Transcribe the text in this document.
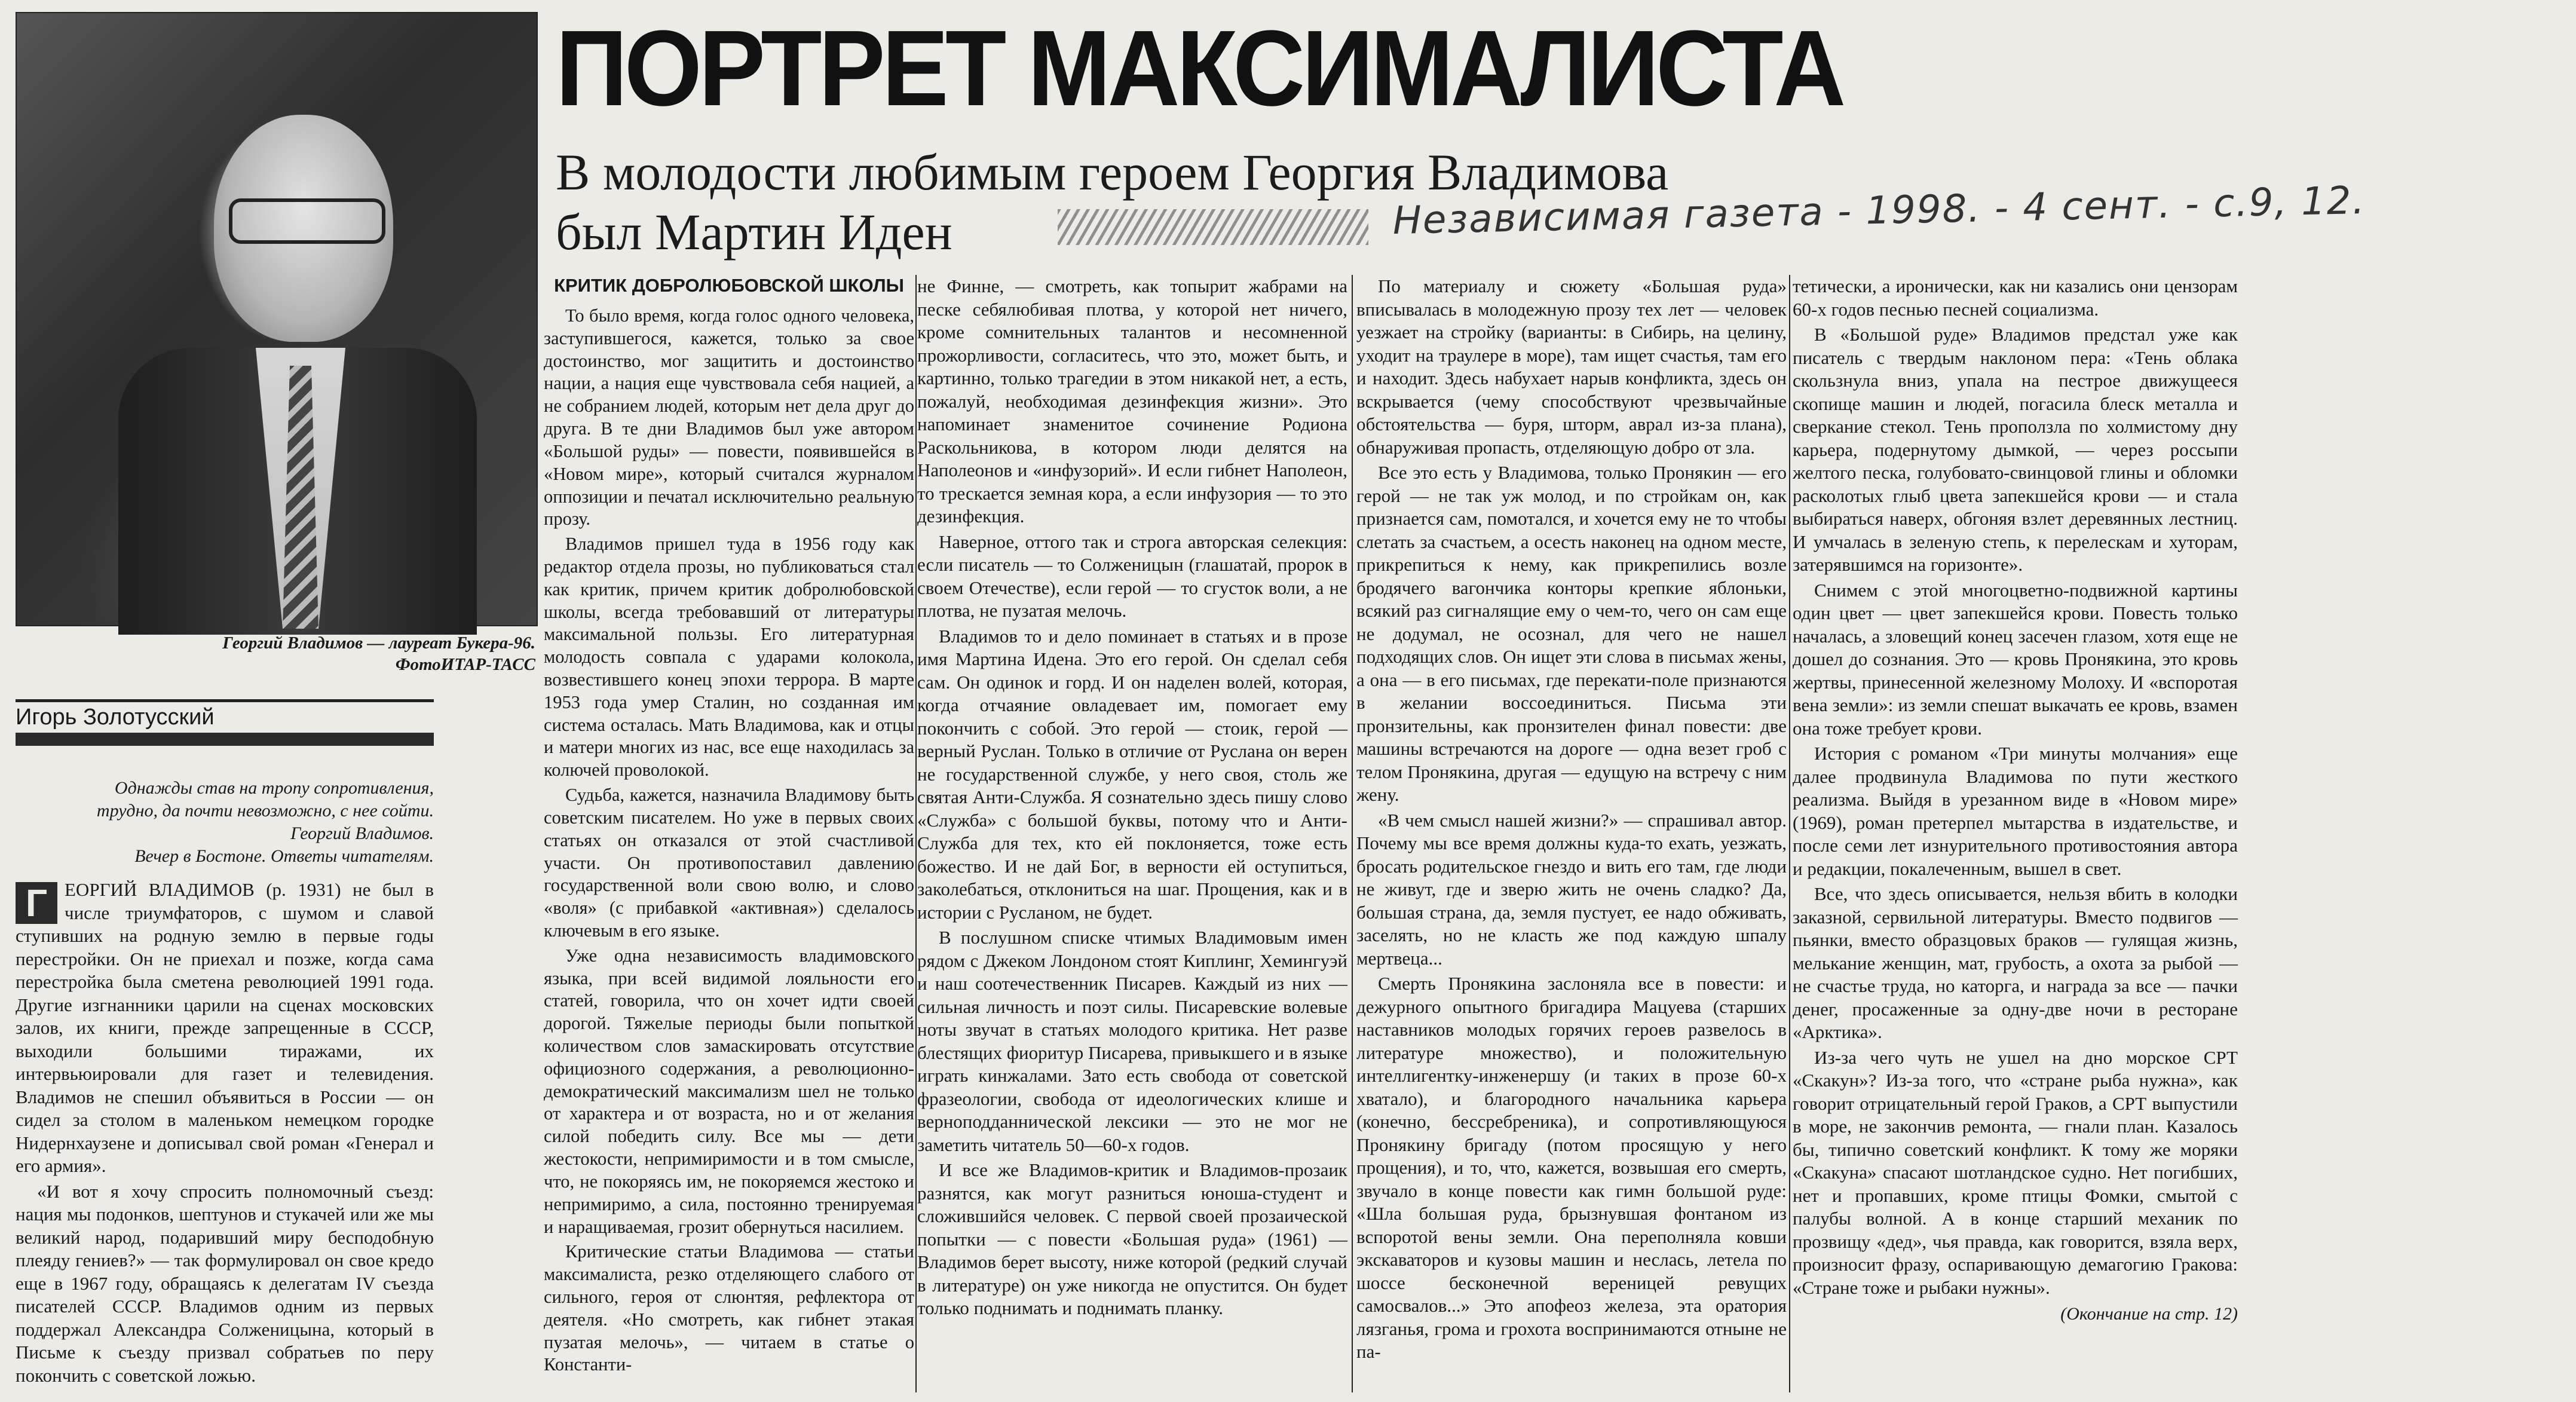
Георгий Владимов — лауреат Букера-96.
ФотоИТАР-ТАСС
ПОРТРЕТ МАКСИМАЛИСТА
В молодости любимым героем Георгия Владимова
был Мартин Иден	Независимая газета - 1998. - 4 сент. - с.9, 12.
Игорь Золотусский
Однажды став на тропу сопротивления,
трудно, да почти невозможно, с нее сойти.
Георгий Владимов.
Вечер в Бостоне. Ответы читателям.

Г ЕОРГИЙ ВЛАДИМОВ (р. 1931) не был в числе триумфаторов, с шумом и славой ступивших на родную землю в первые годы перестройки. Он не приехал и позже, когда сама перестройка была сметена революцией 1991 года. Другие изгнанники царили на сценах московских залов, их книги, прежде запрещенные в СССР, выходили большими тиражами, их интервьюировали для газет и телевидения. Владимов не спешил объявиться в России — он сидел за столом в маленьком немецком городке Нидернхаузене и дописывал свой роман «Генерал и его армия».

«И вот я хочу спросить полномочный съезд: нация мы подонков, шептунов и стукачей или же мы великий народ, подаривший миру бесподобную плеяду гениев?» — так формулировал он свое кредо еще в 1967 году, обращаясь к делегатам IV съезда писателей СССР. Владимов одним из первых поддержал Александра Солженицына, который в Письме к съезду призвал собратьев по перу покончить с советской ложью.

КРИТИК ДОБРОЛЮБОВСКОЙ ШКОЛЫ

То было время, когда голос одного человека, заступившегося, кажется, только за свое достоинство, мог защитить и достоинство нации, а нация еще чувствовала себя нацией, а не собранием людей, которым нет дела друг до друга. В те дни Владимов был уже автором «Большой руды» — повести, появившейся в «Новом мире», который считался журналом оппозиции и печатал исключительно реальную прозу.

Владимов пришел туда в 1956 году как редактор отдела прозы, но публиковаться стал как критик, причем критик добролюбовской школы, всегда требовавший от литературы максимальной пользы. Его литературная молодость совпала с ударами колокола, возвестившего конец эпохи террора. В марте 1953 года умер Сталин, но созданная им система осталась. Мать Владимова, как и отцы и матери многих из нас, все еще находилась за колючей проволокой.

Судьба, кажется, назначила Владимову быть советским писателем. Но уже в первых своих статьях он отказался от этой счастливой участи. Он противопоставил давлению государственной воли свою волю, и слово «воля» (с прибавкой «активная») сделалось ключевым в его языке.

Уже одна независимость владимовского языка, при всей видимой лояльности его статей, говорила, что он хочет идти своей дорогой. Тяжелые периоды были попыткой количеством слов замаскировать отсутствие официозного содержания, а революционно-демократический максимализм шел не только от характера и от возраста, но и от желания силой победить силу. Все мы — дети жестокости, непримиримости и в том смысле, что, не покоряясь им, не покоряемся жестоко и непримиримо, а сила, постоянно тренируемая и наращиваемая, грозит обернуться насилием.

Критические статьи Владимова — статьи максималиста, резко отделяющего слабого от сильного, героя от слюнтяя, рефлектора от деятеля. «Но смотреть, как гибнет этакая пузатая мелочь», — читаем в статье о Константи-

не Финне, — смотреть, как топырит жабрами на песке себялюбивая плотва, у которой нет ничего, кроме сомнительных талантов и несомненной прожорливости, согласитесь, что это, может быть, и картинно, только трагедии в этом никакой нет, а есть, пожалуй, необходимая дезинфекция жизни». Это напоминает знаменитое сочинение Родиона Раскольникова, в котором люди делятся на Наполеонов и «инфузорий». И если гибнет Наполеон, то трескается земная кора, а если инфузория — то это дезинфекция.

Наверное, оттого так и строга авторская селекция: если писатель — то Солженицын (глашатай, пророк в своем Отечестве), если герой — то сгусток воли, а не плотва, не пузатая мелочь.

Владимов то и дело поминает в статьях и в прозе имя Мартина Идена. Это его герой. Он сделал себя сам. Он одинок и горд. И он наделен волей, которая, когда отчаяние овладевает им, помогает ему покончить с собой. Это герой — стоик, герой — верный Руслан. Только в отличие от Руслана он верен не государственной службе, у него своя, столь же святая Анти-Служба. Я сознательно здесь пишу слово «Служба» с большой буквы, потому что и Анти-Служба для тех, кто ей поклоняется, тоже есть божество. И не дай Бог, в верности ей оступиться, заколебаться, отклониться на шаг. Прощения, как и в истории с Русланом, не будет.

В послушном списке чтимых Владимовым имен рядом с Джеком Лондоном стоят Киплинг, Хемингуэй и наш соотечественник Писарев. Каждый из них — сильная личность и поэт силы. Писаревские волевые ноты звучат в статьях молодого критика. Нет разве блестящих фиоритур Писарева, привыкшего и в языке играть кинжалами. Зато есть свобода от советской фразеологии, свобода от идеологических клише и верноподданнической лексики — это не мог не заметить читатель 50—60-х годов.

И все же Владимов-критик и Владимов-прозаик разнятся, как могут разниться юноша-студент и сложившийся человек. С первой своей прозаической попытки — с повести «Большая руда» (1961) — Владимов берет высоту, ниже которой (редкий случай в литературе) он уже никогда не опустится. Он будет только поднимать и поднимать планку.

По материалу и сюжету «Большая руда» вписывалась в молодежную прозу тех лет — человек уезжает на стройку (варианты: в Сибирь, на целину, уходит на траулере в море), там ищет счастья, там его и находит. Здесь набухает нарыв конфликта, здесь он вскрывается (чему способствуют чрезвычайные обстоятельства — буря, шторм, аврал из-за плана), обнаруживая пропасть, отделяющую добро от зла.

Все это есть у Владимова, только Пронякин — его герой — не так уж молод, и по стройкам он, как признается сам, помотался, и хочется ему не то чтобы слетать за счастьем, а осесть наконец на одном месте, прикрепиться к нему, как прикрепились возле бродячего вагончика конторы крепкие яблоньки, всякий раз сигналящие ему о чем-то, чего он сам еще не додумал, не осознал, для чего не нашел подходящих слов. Он ищет эти слова в письмах жены, а она — в его письмах, где перекати-поле признаются в желании воссоединиться. Письма эти пронзительны, как пронзителен финал повести: две машины встречаются на дороге — одна везет гроб с телом Пронякина, другая — едущую на встречу с ним жену.

«В чем смысл нашей жизни?» — спрашивал автор. Почему мы все время должны куда-то ехать, уезжать, бросать родительское гнездо и вить его там, где люди не живут, где и зверю жить не очень сладко? Да, большая страна, да, земля пустует, ее надо обживать, заселять, но не класть же под каждую шпалу мертвеца...

Смерть Пронякина заслоняла все в повести: и дежурного опытного бригадира Мацуева (старших наставников молодых горячих героев развелось в литературе множество), и положительную интеллигентку-инженершу (и таких в прозе 60-х хватало), и благородного начальника карьера (конечно, бессребреника), и сопротивляющуюся Пронякину бригаду (потом просящую у него прощения), и то, что, кажется, возвышая его смерть, звучало в конце повести как гимн большой руде: «Шла большая руда, брызнувшая фонтаном из вспоротой вены земли. Она переполняла ковши экскаваторов и кузовы машин и неслась, летела по шоссе бесконечной вереницей ревущих самосвалов...» Это апофеоз железа, эта оратория лязганья, грома и грохота воспринимаются отныне не па-

тетически, а иронически, как ни казались они цензорам 60-х годов песнью песней социализма.

В «Большой руде» Владимов предстал уже как писатель с твердым наклоном пера: «Тень облака скользнула вниз, упала на пестрое движущееся скопище машин и людей, погасила блеск металла и сверкание стекол. Тень проползла по холмистому дну карьера, подернутому дымкой, — через россыпи желтого песка, голубовато-свинцовой глины и обломки расколотых глыб цвета запекшейся крови — и стала выбираться наверх, обгоняя взлет деревянных лестниц. И умчалась в зеленую степь, к перелескам и хуторам, затерявшимся на горизонте».

Снимем с этой многоцветно-подвижной картины один цвет — цвет запекшейся крови. Повесть только началась, а зловещий конец засечен глазом, хотя еще не дошел до сознания. Это — кровь Пронякина, это кровь жертвы, принесенной железному Молоху. И «вспоротая вена земли»: из земли спешат выкачать ее кровь, взамен она тоже требует крови.

История с романом «Три минуты молчания» еще далее продвинула Владимова по пути жесткого реализма. Выйдя в урезанном виде в «Новом мире» (1969), роман претерпел мытарства в издательстве, и после семи лет изнурительного противостояния автора и редакции, покалеченным, вышел в свет.

Все, что здесь описывается, нельзя вбить в колодки заказной, сервильной литературы. Вместо подвигов — пьянки, вместо образцовых браков — гулящая жизнь, мелькание женщин, мат, грубость, а охота за рыбой — не счастье труда, но каторга, и награда за все — пачки денег, просаженные за одну-две ночи в ресторане «Арктика».

Из-за чего чуть не ушел на дно морское СРТ «Скакун»? Из-за того, что «стране рыба нужна», как говорит отрицательный герой Граков, а СРТ выпустили в море, не закончив ремонта, — гнали план. Казалось бы, типично советский конфликт. К тому же моряки «Скакуна» спасают шотландское судно. Нет погибших, нет и пропавших, кроме птицы Фомки, смытой с палубы волной. А в конце старший механик по прозвищу «дед», чья правда, как говорится, взяла верх, произносит фразу, оспаривающую демагогию Гракова: «Стране тоже и рыбаки нужны».

(Окончание на стр. 12)
